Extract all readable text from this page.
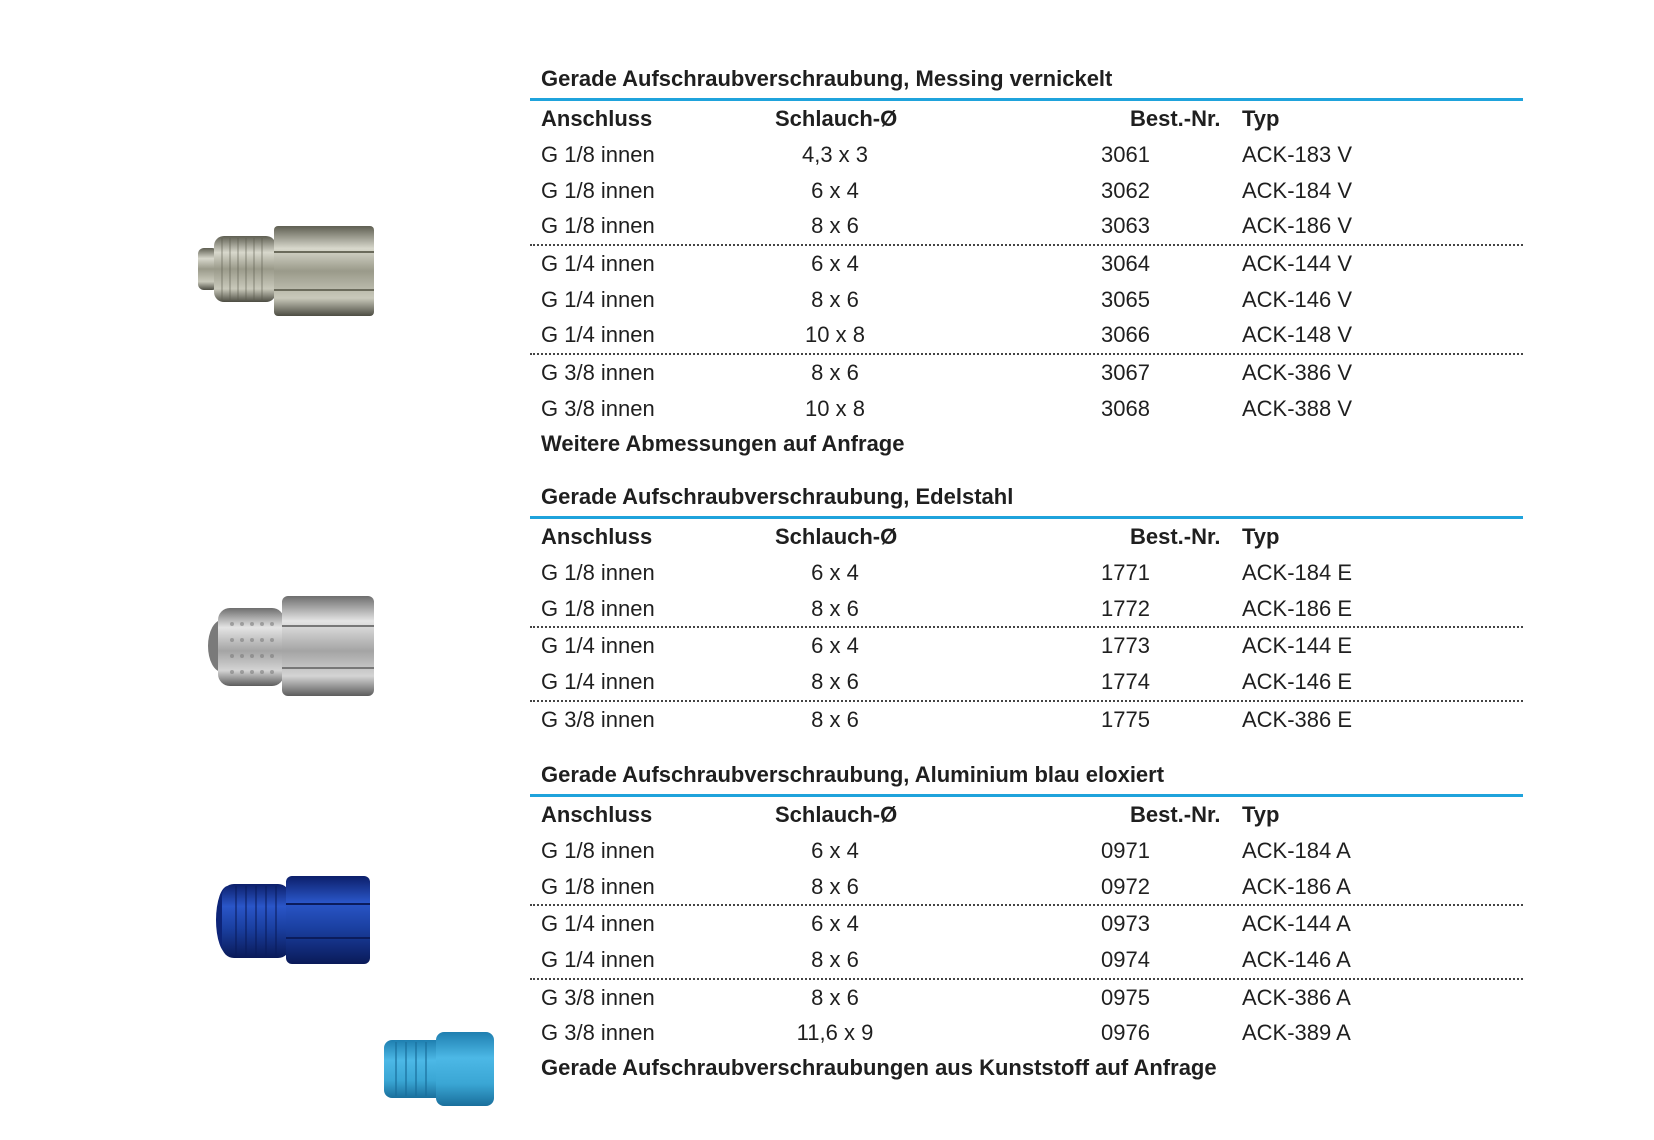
Gerade Aufschraubverschraubung, Messing vernickelt
Anschluss	Schlauch-Ø	Best.-Nr. Typ
G 1/8 innen	4,3 x 3	3061	ACK-183 V
G 1/8 innen	6 x 4	3062	ACK-184 V
G 1/8 innen	8 x 6	3063	ACK-186 V
G 1/4 innen	6 x 4	3064	ACK-144 V
G 1/4 innen	8 x 6	3065	ACK-146 V
G 1/4 innen	10 x 8	3066	ACK-148 V
G 3/8 innen	8 x 6	3067	ACK-386 V
G 3/8 innen	10 x 8	3068	ACK-388 V
Weitere Abmessungen auf Anfrage
Gerade Aufschraubverschraubung, Edelstahl
Anschluss	Schlauch-Ø	Best.-Nr. Typ
G 1/8 innen	6 x 4	1771	ACK-184 E
G 1/8 innen	8 x 6	1772	ACK-186 E
G 1/4 innen	6 x 4	1773	ACK-144 E
G 1/4 innen	8 x 6	1774	ACK-146 E
G 3/8 innen	8 x 6	1775	ACK-386 E
Gerade Aufschraubverschraubung, Aluminium blau eloxiert
Anschluss	Schlauch-Ø	Best.-Nr. Typ
G 1/8 innen	6 x 4	0971	ACK-184 A
G 1/8 innen	8 x 6	0972	ACK-186 A
G 1/4 innen	6 x 4	0973	ACK-144 A
G 1/4 innen	8 x 6	0974	ACK-146 A
G 3/8 innen	8 x 6	0975	ACK-386 A
G 3/8 innen	11,6 x 9	0976	ACK-389 A
Gerade Aufschraubverschraubungen aus Kunststoff auf Anfrage
